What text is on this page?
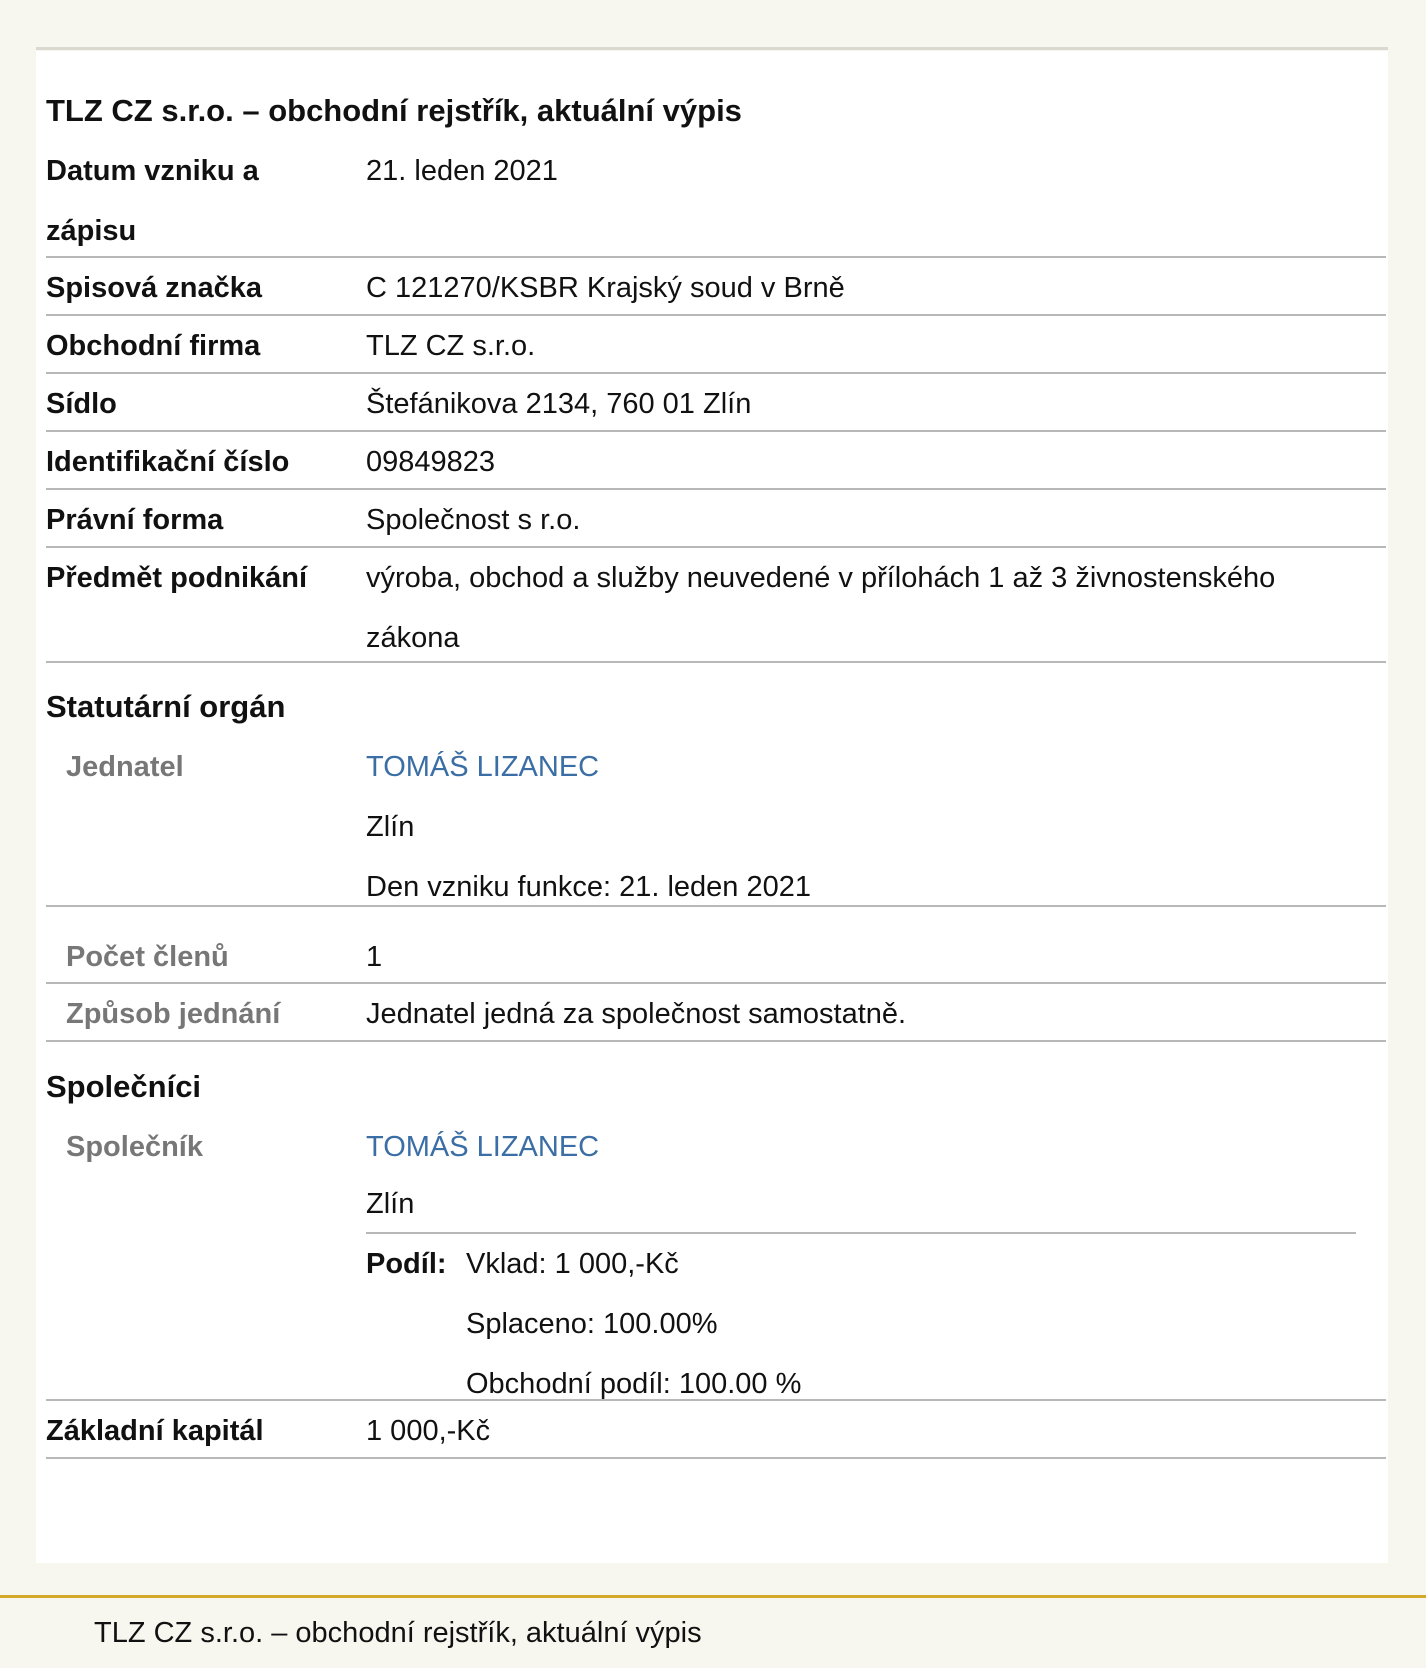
TLZ CZ s.r.o. – obchodní rejstřík, aktuální výpis
Datum vzniku a zápisu
21. leden 2021
Spisová značka	C 121270/KSBR Krajský soud v Brně
Obchodní firma	TLZ CZ s.r.o.
Sídlo	Štefánikova 2134, 760 01 Zlín
Identifikační číslo	09849823
Právní forma	Společnost s r.o.
Předmět podnikání	výroba, obchod a služby neuvedené v přílohách 1 až 3 živnostenského zákona
Statutární orgán
Jednatel	TOMÁŠ LIZANEC
Zlín
Den vzniku funkce: 21. leden 2021
Počet členů	1
Způsob jednání	Jednatel jedná za společnost samostatně.
Společníci
Společník	TOMÁŠ LIZANEC
Zlín
Podíl: Vklad: 1 000,-Kč
Splaceno: 100.00%
Obchodní podíl: 100.00 %
Základní kapitál	1 000,-Kč
TLZ CZ s.r.o. – obchodní rejstřík, aktuální výpis
